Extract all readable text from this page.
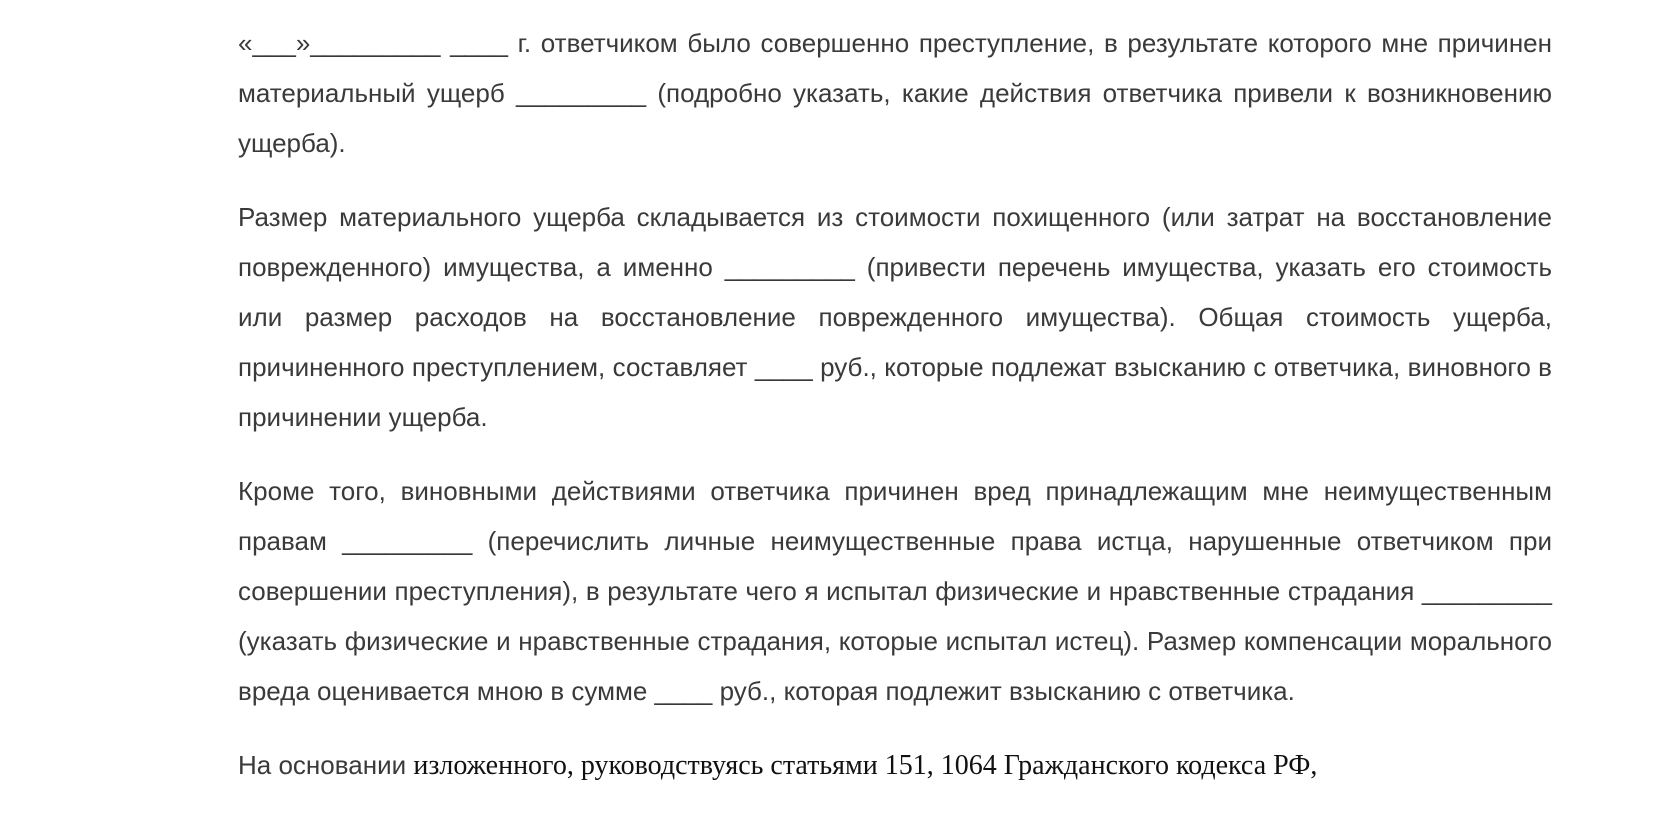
«___»_________ ____ г. ответчиком было совершенно преступление, в результате которого мне причинен материальный ущерб _________ (подробно указать, какие действия ответчика привели к возникновению ущерба).

Размер материального ущерба складывается из стоимости похищенного (или затрат на восстановление поврежденного) имущества, а именно _________ (привести перечень имущества, указать его стоимость или размер расходов на восстановление поврежденного имущества). Общая стоимость ущерба, причиненного преступлением, составляет ____ руб., которые подлежат взысканию с ответчика, виновного в причинении ущерба.

Кроме того, виновными действиями ответчика причинен вред принадлежащим мне неимущественным правам _________ (перечислить личные неимущественные права истца, нарушенные ответчиком при совершении преступления), в результате чего я испытал физические и нравственные страдания _________ (указать физические и нравственные страдания, которые испытал истец). Размер компенсации морального вреда оценивается мною в сумме ____ руб., которая подлежит взысканию с ответчика.

На основании изложенного, руководствуясь статьями 151, 1064 Гражданского кодекса РФ,
